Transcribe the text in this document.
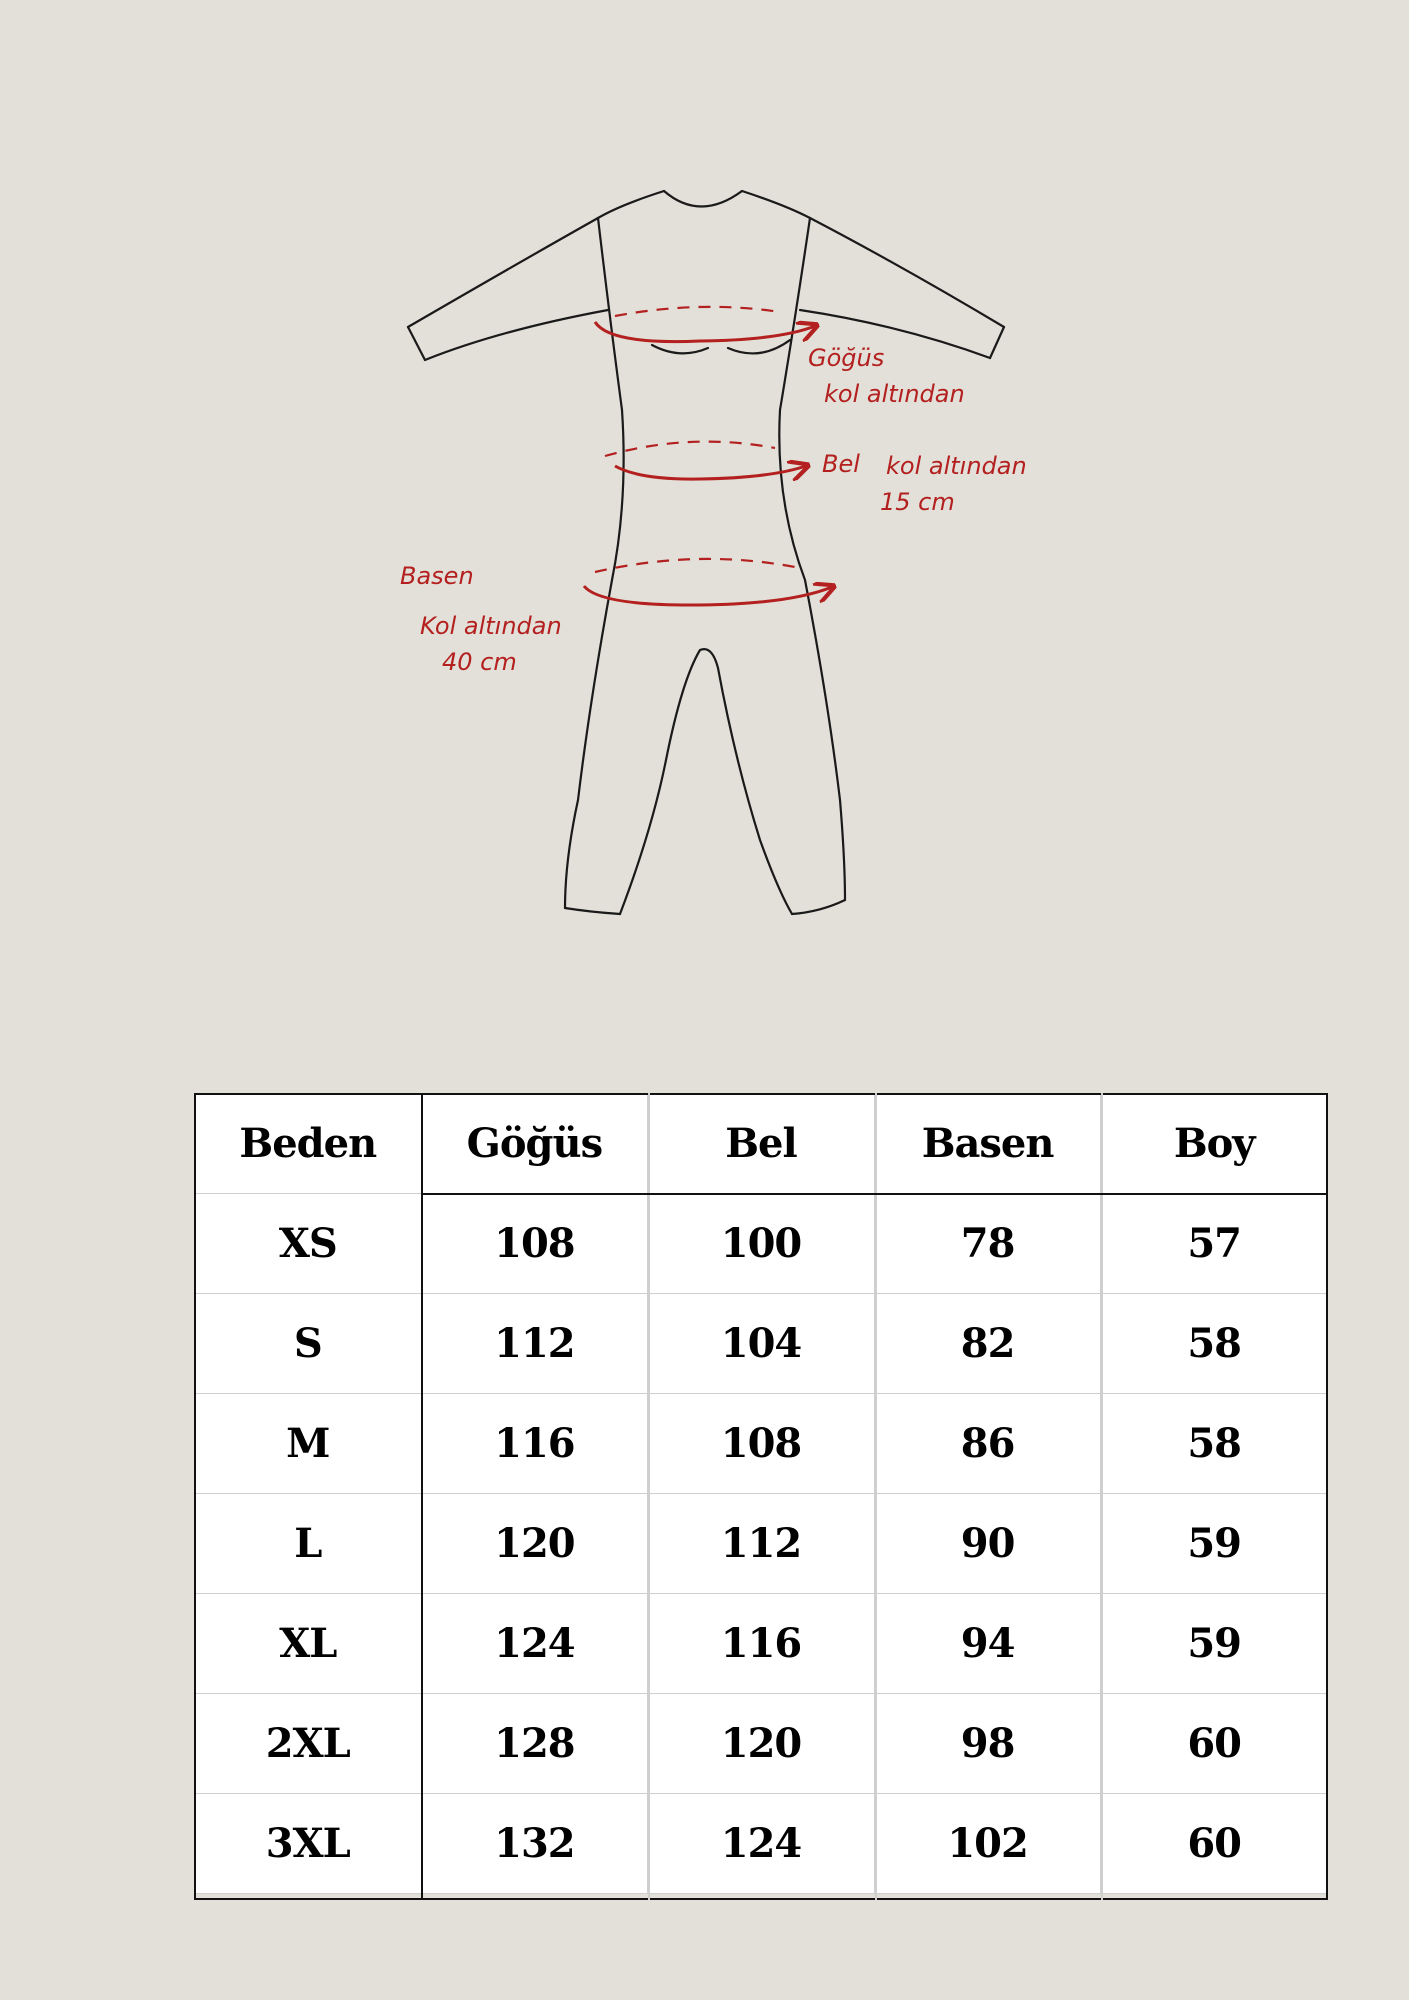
Göğüs
kol altından
Bel kol altından
15 cm
Basen
Kol altından
40 cm
Beden	Göğüs	Bel	Basen	Boy
XS	108	100	78	57
S	112	104	82	58
M	116	108	86	58
L	120	112	90	59
XL	124	116	94	59
2XL	128	120	98	60
3XL	132	124	102	60
